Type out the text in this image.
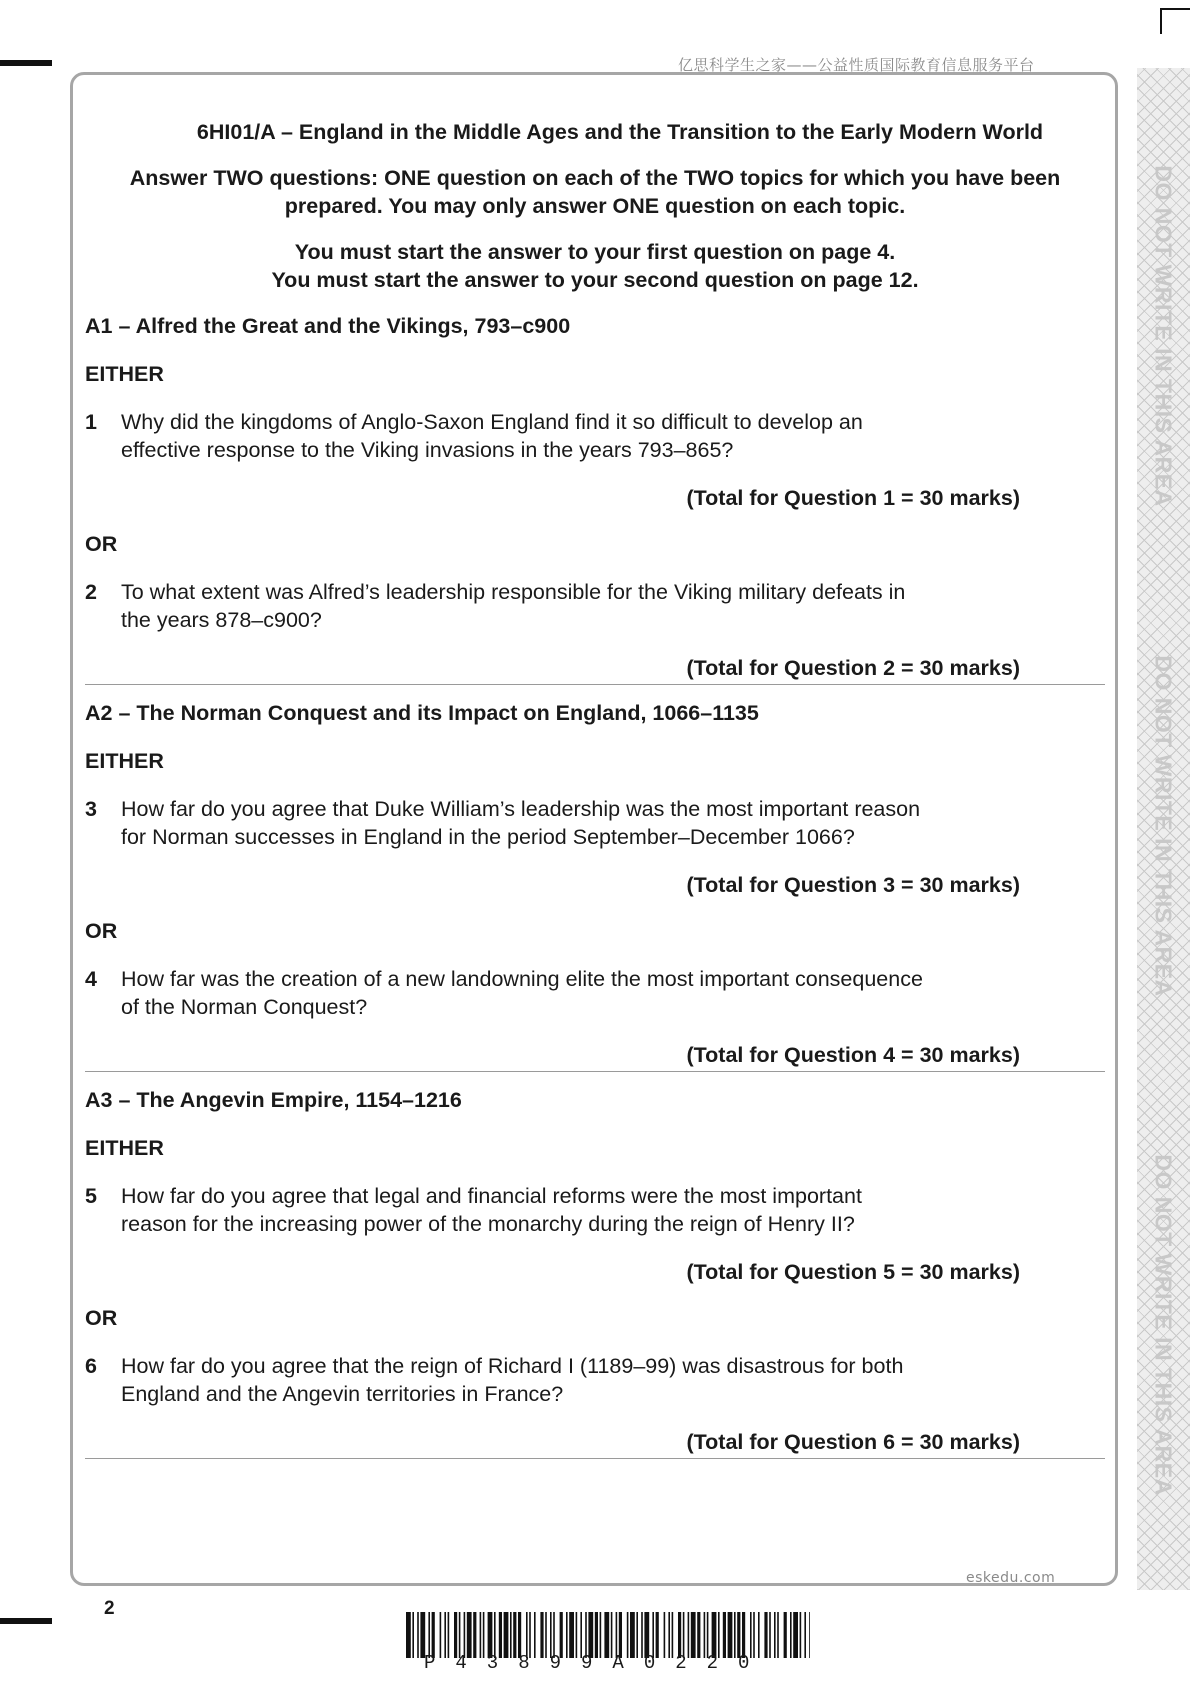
亿思科学生之家——公益性质国际教育信息服务平台
DO NOT WRITE IN THIS AREA
DO NOT WRITE IN THIS AREA
DO NOT WRITE IN THIS AREA

6HI01/A – England in the Middle Ages and the Transition to the Early Modern World

Answer TWO questions: ONE question on each of the TWO topics for which you have been

prepared. You may only answer ONE question on each topic.

You must start the answer to your first question on page 4.

You must start the answer to your second question on page 12.

A1 – Alfred the Great and the Vikings, 793–c900
EITHER
1 Why did the kingdoms of Anglo-Saxon England find it so difficult to develop an
effective response to the Viking invasions in the years 793–865?
(Total for Question 1 = 30 marks)
OR
2 To what extent was Alfred’s leadership responsible for the Viking military defeats in
the years 878–c900?
(Total for Question 2 = 30 marks)
A2 – The Norman Conquest and its Impact on England, 1066–1135
EITHER
3 How far do you agree that Duke William’s leadership was the most important reason
for Norman successes in England in the period September–December 1066?
(Total for Question 3 = 30 marks)
OR
4 How far was the creation of a new landowning elite the most important consequence
of the Norman Conquest?
(Total for Question 4 = 30 marks)
A3 – The Angevin Empire, 1154–1216
EITHER
5 How far do you agree that legal and financial reforms were the most important
reason for the increasing power of the monarchy during the reign of Henry II?
(Total for Question 5 = 30 marks)
OR
6 How far do you agree that the reign of Richard I (1189–99) was disastrous for both
England and the Angevin territories in France?
(Total for Question 6 = 30 marks)
eskedu.com
2
P43899A0220
